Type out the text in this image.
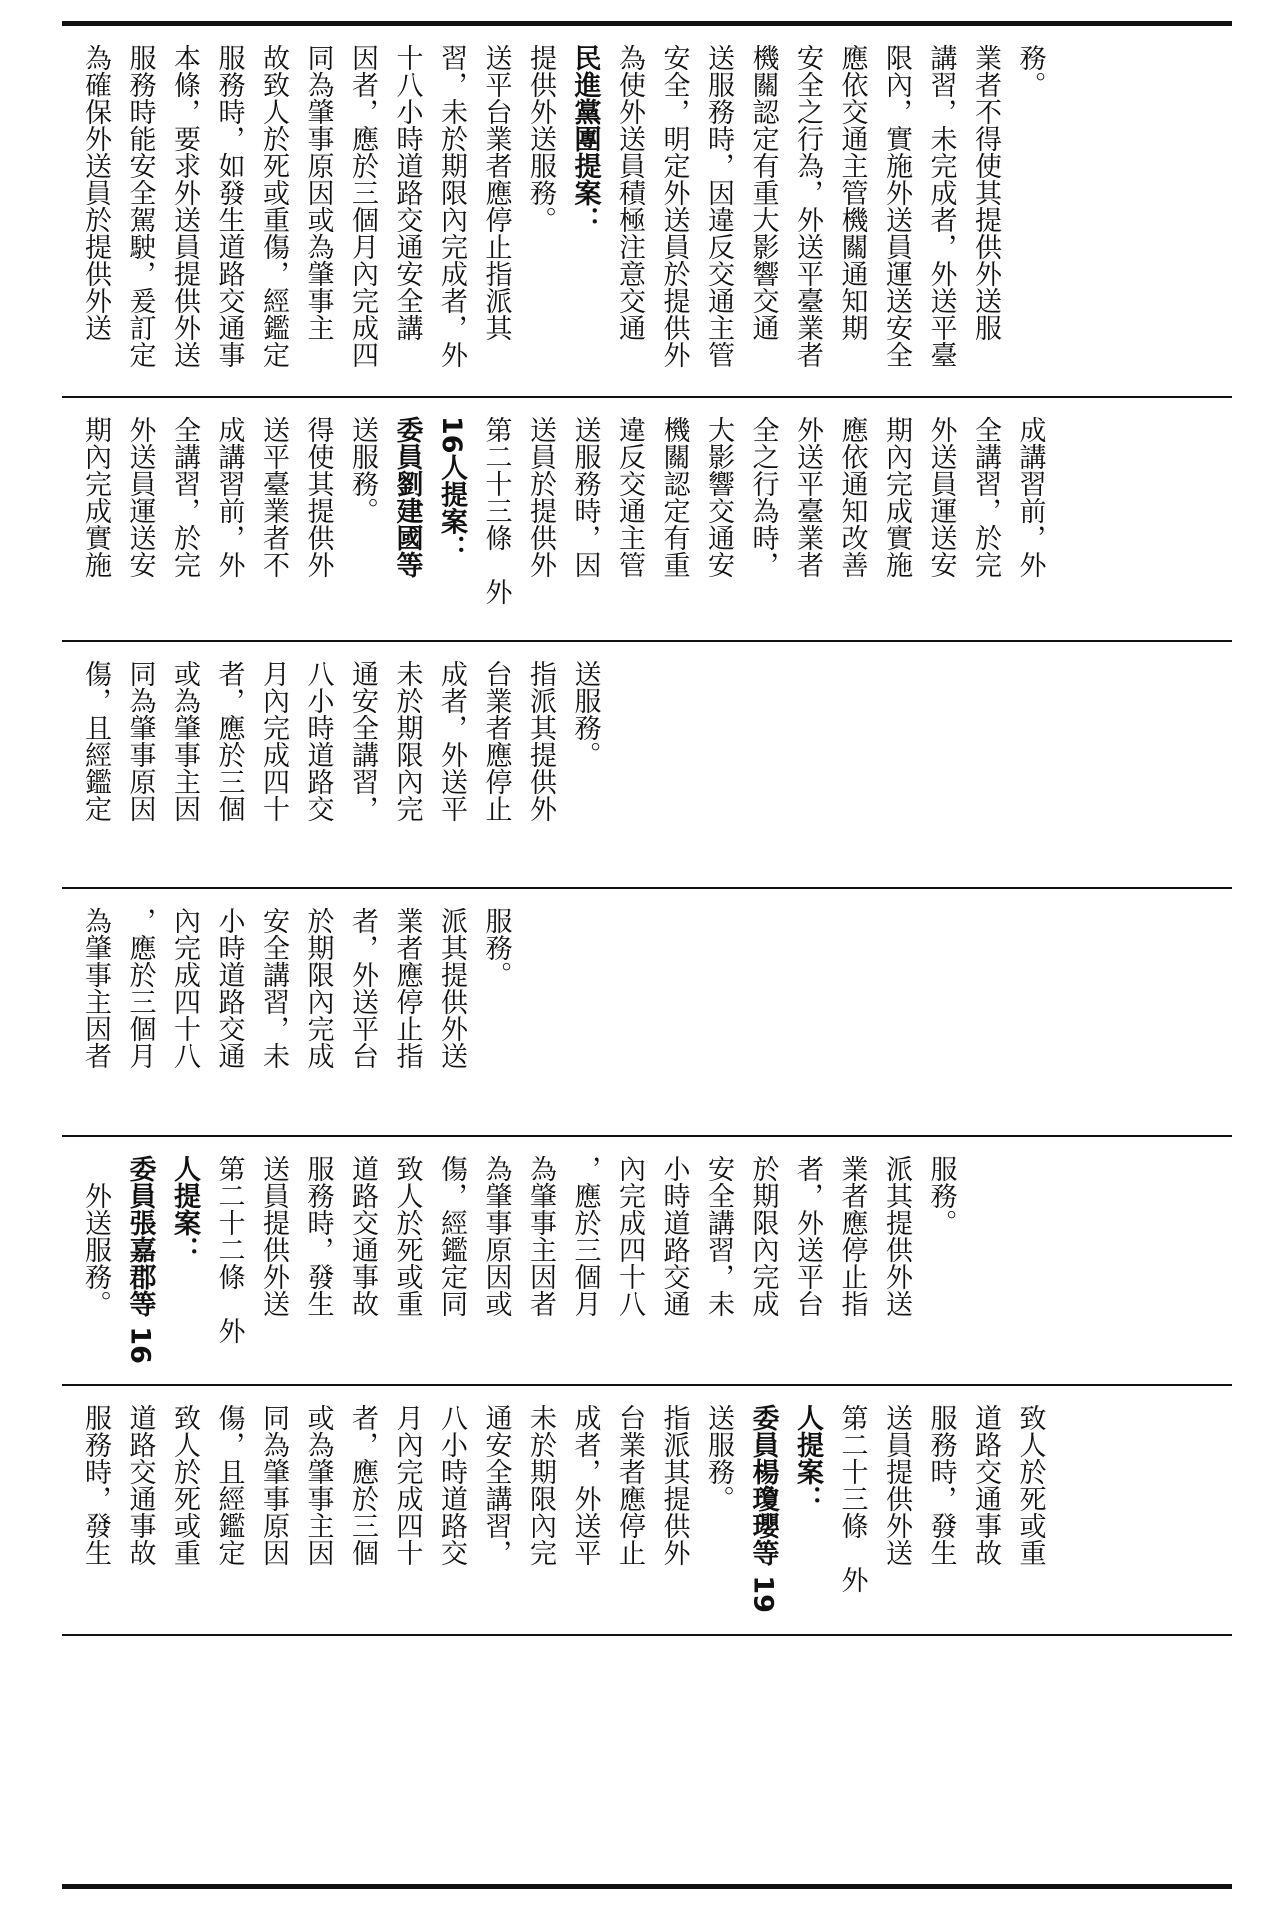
為確保外送員於提供外送 服務時能安全駕駛，爰訂定 本條，要求外送員提供外送 服務時，如發生道路交通事 故致人於死或重傷，經鑑定 同為肇事原因或為肇事主 因者，應於三個月內完成四 十八小時道路交通安全講 習，未於期限內完成者，外 送平台業者應停止指派其 提供外送服務。 民進黨團提案： 為使外送員積極注意交通 安全，明定外送員於提供外 送服務時，因違反交通主管 機關認定有重大影響交通 安全之行為，外送平臺業者 應依交通主管機關通知期 限內，實施外送員運送安全 講習，未完成者，外送平臺 業者不得使其提供外送服 務。
期內完成實施 外送員運送安 全講習，於完 成講習前，外 送平臺業者不 得使其提供外 送服務。 委員劉建國等 16人提案： 第二十三條　外 送員於提供外 送服務時，因 違反交通主管 機關認定有重 大影響交通安 全之行為時， 外送平臺業者 應依通知改善 期內完成實施 外送員運送安 全講習，於完 成講習前，外
傷，且經鑑定 同為肇事原因 或為肇事主因 者，應於三個 月內完成四十 八小時道路交 通安全講習， 未於期限內完 成者，外送平 台業者應停止 指派其提供外 送服務。
為肇事主因者 ，應於三個月 內完成四十八 小時道路交通 安全講習，未 於期限內完成 者，外送平台 業者應停止指 派其提供外送 服務。
　外送服務。 委員張嘉郡等 16 人提案： 第二十二條　外 送員提供外送 服務時，發生 道路交通事故 致人於死或重 傷，經鑑定同 為肇事原因或 為肇事主因者 ，應於三個月 內完成四十八 小時道路交通 安全講習，未 於期限內完成 者，外送平台 業者應停止指 派其提供外送 服務。
服務時，發生 道路交通事故 致人於死或重 傷，且經鑑定 同為肇事原因 或為肇事主因 者，應於三個 月內完成四十 八小時道路交 通安全講習， 未於期限內完 成者，外送平 台業者應停止 指派其提供外 送服務。 委員楊瓊瓔等 19 人提案： 第二十三條　外 送員提供外送 服務時，發生 道路交通事故 致人於死或重
